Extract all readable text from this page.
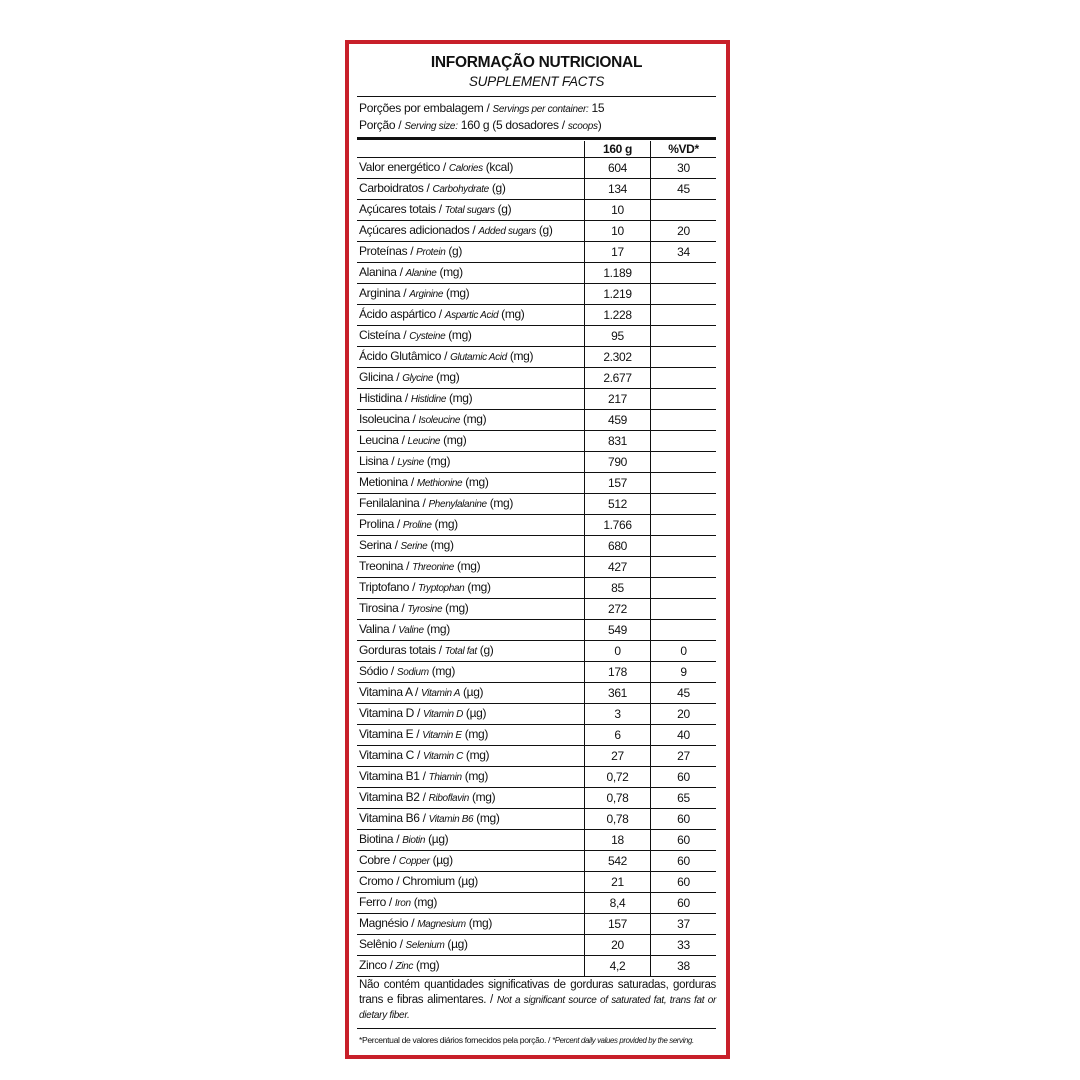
INFORMAÇÃO NUTRICIONAL
SUPPLEMENT FACTS
Porções por embalagem / Servings per container: 15
Porção / Serving size: 160 g (5 dosadores / scoops)
	160 g	%VD*
Valor energético / Calories (kcal)	604	30
Carboidratos / Carbohydrate (g)	134	45
Açúcares totais / Total sugars (g)	10	
Açúcares adicionados / Added sugars (g)	10	20
Proteínas / Protein (g)	17	34
Alanina / Alanine (mg)	1.189	
Arginina / Arginine (mg)	1.219	
Ácido aspártico / Aspartic Acid (mg)	1.228	
Cisteína / Cysteine (mg)	95	
Ácido Glutâmico / Glutamic Acid (mg)	2.302	
Glicina / Glycine (mg)	2.677	
Histidina / Histidine (mg)	217	
Isoleucina / Isoleucine (mg)	459	
Leucina / Leucine (mg)	831	
Lisina / Lysine (mg)	790	
Metionina / Methionine (mg)	157	
Fenilalanina / Phenylalanine (mg)	512	
Prolina / Proline (mg)	1.766	
Serina / Serine (mg)	680	
Treonina / Threonine (mg)	427	
Triptofano / Tryptophan (mg)	85	
Tirosina / Tyrosine (mg)	272	
Valina / Valine (mg)	549	
Gorduras totais / Total fat (g)	0	0
Sódio / Sodium (mg)	178	9
Vitamina A / Vitamin A (µg)	361	45
Vitamina D / Vitamin D (µg)	3	20
Vitamina E / Vitamin E (mg)	6	40
Vitamina C / Vitamin C (mg)	27	27
Vitamina B1 / Thiamin (mg)	0,72	60
Vitamina B2 / Riboflavin (mg)	0,78	65
Vitamina B6 / Vitamin B6 (mg)	0,78	60
Biotina / Biotin (µg)	18	60
Cobre / Copper (µg)	542	60
Cromo / Chromium (µg)	21	60
Ferro / Iron (mg)	8,4	60
Magnésio / Magnesium (mg)	157	37
Selênio / Selenium (µg)	20	33
Zinco / Zinc (mg)	4,2	38
Não contém quantidades significativas de gorduras saturadas, gorduras trans e fibras alimentares. / Not a significant source of saturated fat, trans fat or dietary fiber.
*Percentual de valores diários fornecidos pela porção. / *Percent daily values provided by the serving.
